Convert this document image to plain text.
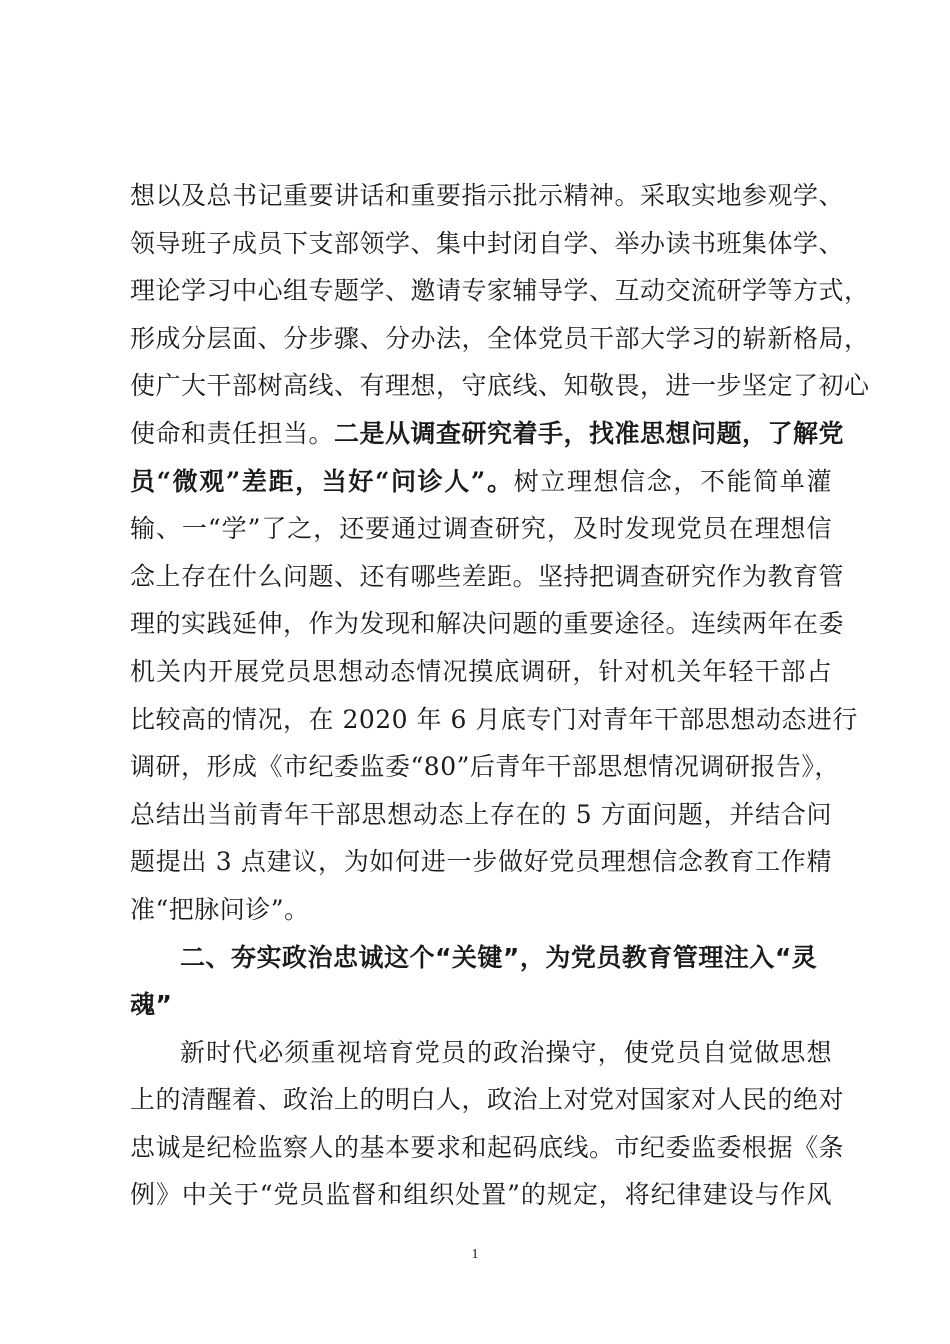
想以及总书记重要讲话和重要指示批示精神。采取实地参观学、
领导班子成员下支部领学、集中封闭自学、举办读书班集体学、
理论学习中心组专题学、邀请专家辅导学、互动交流研学等方式，
形成分层面、分步骤、分办法，全体党员干部大学习的崭新格局，
使广大干部树高线、有理想，守底线、知敬畏，进一步坚定了初心
使命和责任担当。二是从调查研究着手，找准思想问题，了解党
员“微观”差距，当好“问诊人”。树立理想信念，不能简单灌
输、一“学”了之，还要通过调查研究，及时发现党员在理想信
念上存在什么问题、还有哪些差距。坚持把调查研究作为教育管
理的实践延伸，作为发现和解决问题的重要途径。连续两年在委
机关内开展党员思想动态情况摸底调研，针对机关年轻干部占
比较高的情况，在 2020 年 6 月底专门对青年干部思想动态进行
调研，形成《市纪委监委“80”后青年干部思想情况调研报告》，
总结出当前青年干部思想动态上存在的 5 方面问题，并结合问
题提出 3 点建议，为如何进一步做好党员理想信念教育工作精
准“把脉问诊”。
二、夯实政治忠诚这个“关键”，为党员教育管理注入“灵
魂”
新时代必须重视培育党员的政治操守，使党员自觉做思想
上的清醒着、政治上的明白人，政治上对党对国家对人民的绝对
忠诚是纪检监察人的基本要求和起码底线。市纪委监委根据《条
例》中关于“党员监督和组织处置”的规定，将纪律建设与作风
1
